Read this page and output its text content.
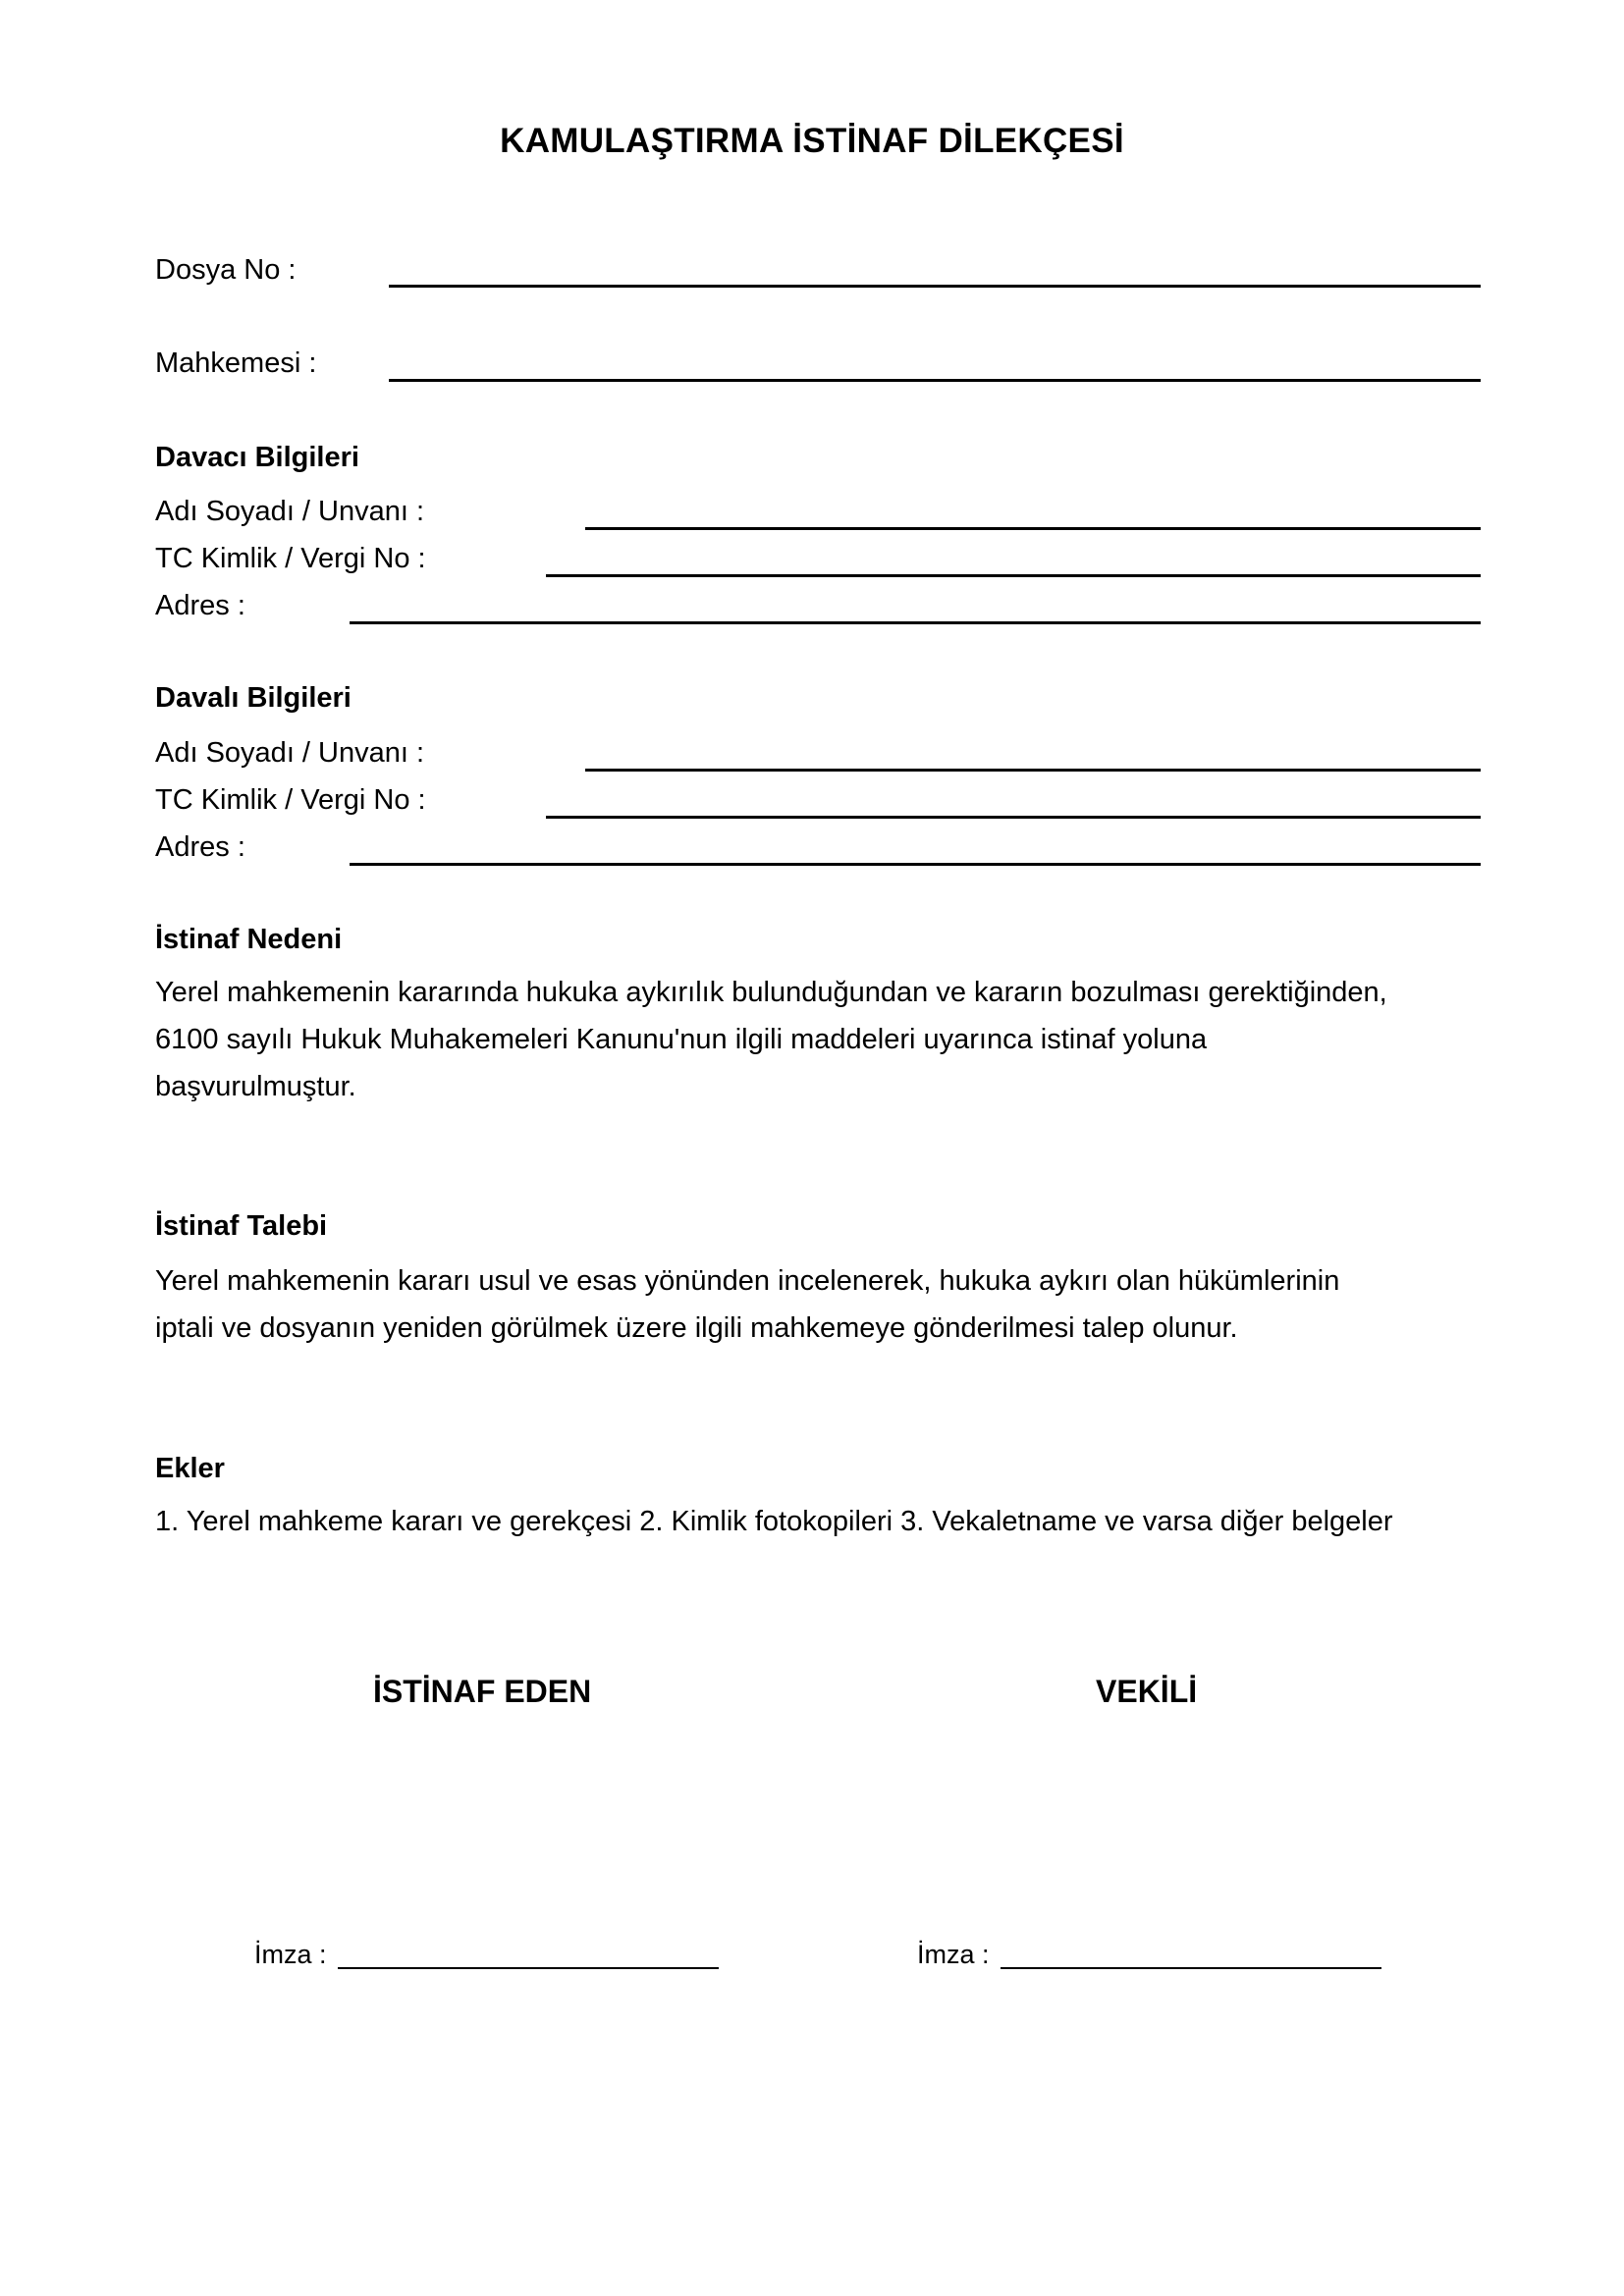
KAMULAŞTIRMA İSTİNAF DİLEKÇESİ
Dosya No :
Mahkemesi :
Davacı Bilgileri
Adı Soyadı / Unvanı :
TC Kimlik / Vergi No :
Adres :
Davalı Bilgileri
Adı Soyadı / Unvanı :
TC Kimlik / Vergi No :
Adres :
İstinaf Nedeni
Yerel mahkemenin kararında hukuka aykırılık bulunduğundan ve kararın bozulması gerektiğinden,
6100 sayılı Hukuk Muhakemeleri Kanunu'nun ilgili maddeleri uyarınca istinaf yoluna
başvurulmuştur.
İstinaf Talebi
Yerel mahkemenin kararı usul ve esas yönünden incelenerek, hukuka aykırı olan hükümlerinin
iptali ve dosyanın yeniden görülmek üzere ilgili mahkemeye gönderilmesi talep olunur.
Ekler
1. Yerel mahkeme kararı ve gerekçesi 2. Kimlik fotokopileri 3. Vekaletname ve varsa diğer belgeler
İSTİNAF EDEN	VEKİLİ
İmza :	İmza :
